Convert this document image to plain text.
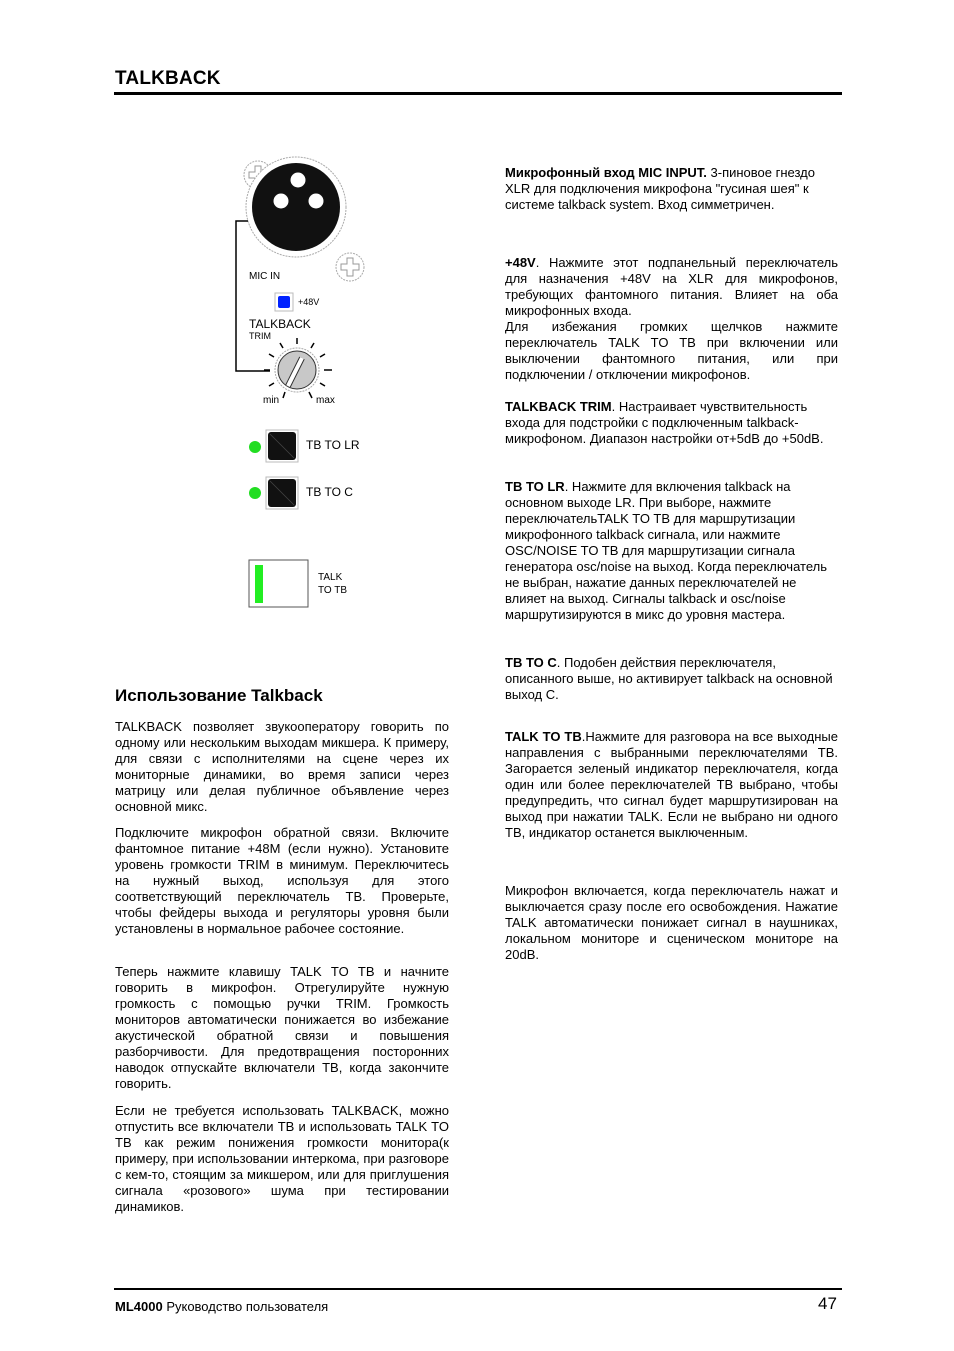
TALKBACK
MIC IN
+48V
TALKBACK
TRIM
min	max
TB TO LR
TB TO C
TALK
TO TB
Использование Talkback
TALKBACK позволяет звукооператору говорить по одному или нескольким выходам микшера. К примеру, для связи с исполнителями на сцене через их мониторные динамики, во время записи через матрицу или делая публичное объявление через основной микс.
Подключите микрофон обратной связи. Включите фантомное питание +48М (если нужно). Установите уровень громкости TRIM в минимум. Переключитесь на нужный выход, используя для этого соответствующий переключатель TB. Проверьте, чтобы фейдеры выхода и регуляторы уровня были установлены в нормальное рабочее состояние.
Теперь нажмите клавишу TALK TO TB и начните говорить в микрофон. Отрегулируйте нужную громкость с помощью ручки TRIM. Громкость мониторов автоматически понижается во избежание акустической обратной связи и повышения разборчивости. Для предотвращения посторонних наводок отпускайте включатели TB, когда закончите говорить.
Если не требуется использовать TALKBACK, можно отпустить все включатели TB и использовать TALK TO TB как режим понижения громкости монитора(к примеру, при использовании интеркома, при разговоре с кем-то, стоящим за микшером, или для приглушения сигнала «розового» шума при тестировании динамиков.
Микрофонный вход MIC INPUT. 3-пиновое гнездо XLR для подключения микрофона "гусиная шея" к системе talkback system. Вход симметричен.
+48V. Нажмите этот подпанельный переключатель для назначения +48V на XLR для микрофонов, требующих фантомного питания. Влияет на оба микрофонных входа.
Для избежания громких щелчков нажмите переключатель TALK TO TB при включении или выключении фантомного питания, или при подключении / отключении микрофонов.
TALKBACK TRIM. Настраивает чувствительность входа для подстройки с подключенным talkback-микрофоном. Диапазон настройки от+5dB до +50dB.
TB TO LR. Нажмите для включения talkback на основном выходе LR. При выборе, нажмите переключательTALK TO TB для маршрутизации микрофонного talkback сигнала, или нажмите OSC/NOISE TO TB для маршрутизации сигнала генератора osc/noise на выход. Когда переключатель не выбран, нажатие данных переключателей не влияет на выход. Сигналы talkback и osc/noise маршрутизируются в микс до уровня мастера.
TB TO C. Подобен действия переключателя, описанного выше, но активирует talkback на основной выход C.
TALK TO TB.Нажмите для разговора на все выходные направления с выбранными переключателями TB. Загорается зеленый индикатор переключателя, когда один или более переключателей TB выбрано, чтобы предупредить, что сигнал будет маршрутизирован на выход при нажатии TALK. Если не выбрано ни одного TB, индикатор останется выключенным.
Микрофон включается, когда переключатель нажат и выключается сразу после его освобождения. Нажатие TALK автоматически понижает сигнал в наушниках, локальном мониторе и сценическом мониторе на 20dB.
ML4000 Руководство пользователя	47
